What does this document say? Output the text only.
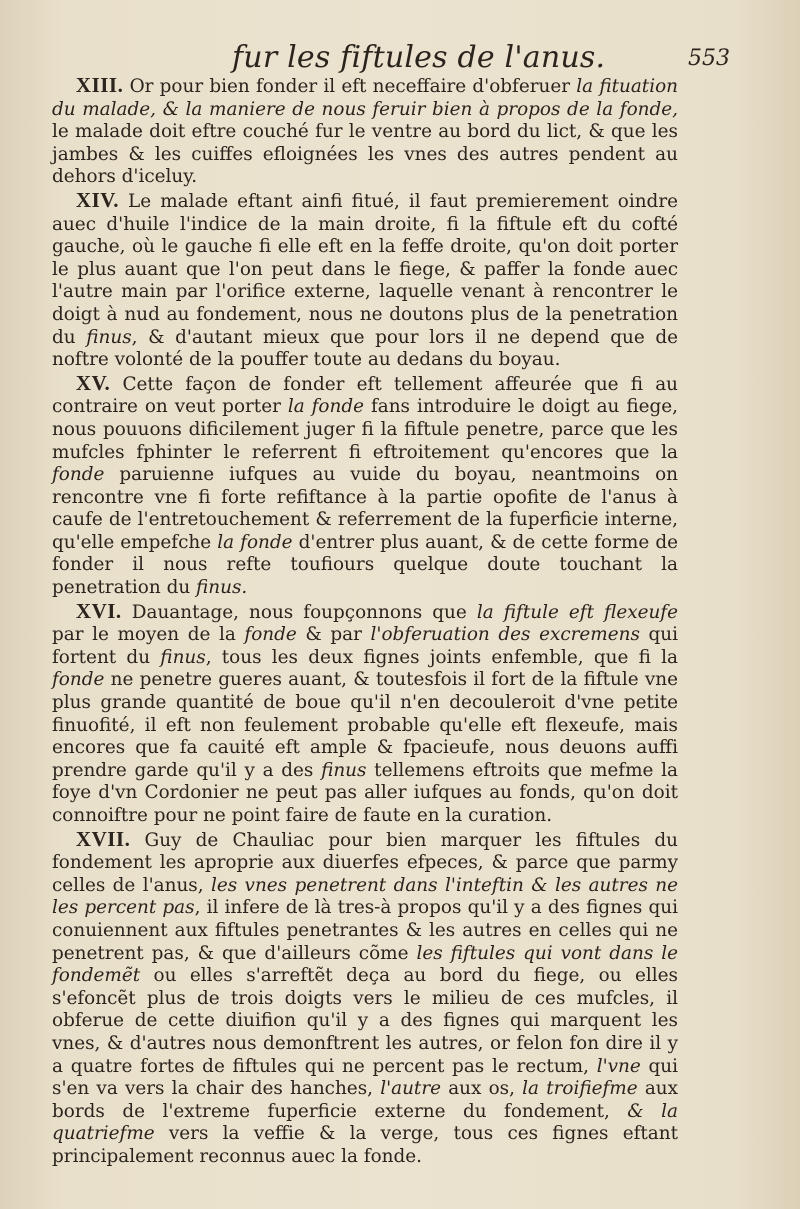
fur les fiftules de l'anus.	553

XIII. Or pour bien fonder il eft neceffaire d'obferuer la fituation du malade, & la maniere de nous feruir bien à propos de la fonde, le malade doit eftre couché fur le ventre au bord du lict, & que les jambes & les cuiffes efloignées les vnes des autres pendent au dehors d'iceluy.

XIV. Le malade eftant ainfi fitué, il faut premierement oindre auec d'huile l'indice de la main droite, fi la fiftule eft du cofté gauche, où le gauche fi elle eft en la feffe droite, qu'on doit porter le plus auant que l'on peut dans le fiege, & paffer la fonde auec l'autre main par l'orifice externe, laquelle venant à rencontrer le doigt à nud au fondement, nous ne doutons plus de la penetration du finus, & d'autant mieux que pour lors il ne depend que de noftre volonté de la pouffer toute au dedans du boyau.

XV. Cette façon de fonder eft tellement affeurée que fi au contraire on veut porter la fonde fans introduire le doigt au fiege, nous pouuons dificilement juger fi la fiftule penetre, parce que les mufcles fphinter le referrent fi eftroitement qu'encores que la fonde paruienne iufques au vuide du boyau, neantmoins on rencontre vne fi forte refiftance à la partie opofite de l'anus à caufe de l'entretouchement & referrement de la fuperficie interne, qu'elle empefche la fonde d'entrer plus auant, & de cette forme de fonder il nous refte toufiours quelque doute touchant la penetration du finus.

XVI. Dauantage, nous foupçonnons que la fiftule eft flexeufe par le moyen de la fonde & par l'obferuation des excremens qui fortent du finus, tous les deux fignes joints enfemble, que fi la fonde ne penetre gueres auant, & toutesfois il fort de la fiftule vne plus grande quantité de boue qu'il n'en decouleroit d'vne petite finuofité, il eft non feulement probable qu'elle eft flexeufe, mais encores que fa cauité eft ample & fpacieufe, nous deuons auffi prendre garde qu'il y a des finus tellemens eftroits que mefme la foye d'vn Cordonier ne peut pas aller iufques au fonds, qu'on doit connoiftre pour ne point faire de faute en la curation.

XVII. Guy de Chauliac pour bien marquer les fiftules du fondement les aproprie aux diuerfes efpeces, & parce que parmy celles de l'anus, les vnes penetrent dans l'inteftin & les autres ne les percent pas, il infere de là tres-à propos qu'il y a des fignes qui conuiennent aux fiftules penetrantes & les autres en celles qui ne penetrent pas, & que d'ailleurs cõme les fiftules qui vont dans le fondemẽt ou elles s'arreftẽt deça au bord du fiege, ou elles s'efoncẽt plus de trois doigts vers le milieu de ces mufcles, il obferue de cette diuifion qu'il y a des fignes qui marquent les vnes, & d'autres nous demonftrent les autres, or felon fon dire il y a quatre fortes de fiftules qui ne percent pas le rectum, l'vne qui s'en va vers la chair des hanches, l'autre aux os, la troifiefme aux bords de l'extreme fuperficie externe du fondement, & la quatriefme vers la veffie & la verge, tous ces fignes eftant principalement reconnus auec la fonde.
